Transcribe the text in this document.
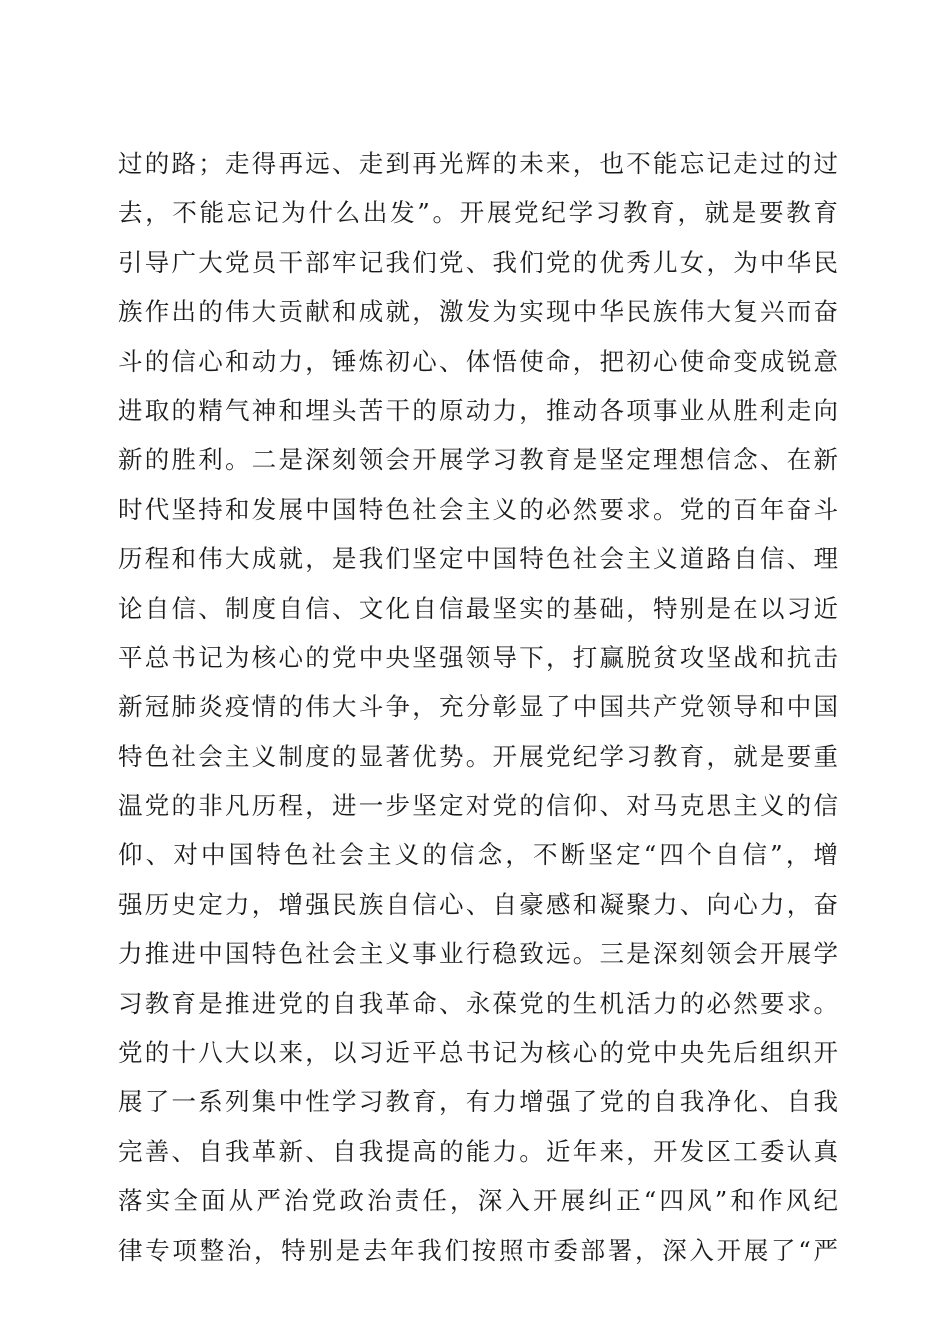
过的路；走得再远、走到再光辉的未来，也不能忘记走过的过
去，不能忘记为什么出发”。开展党纪学习教育，就是要教育
引导广大党员干部牢记我们党、我们党的优秀儿女，为中华民
族作出的伟大贡献和成就，激发为实现中华民族伟大复兴而奋
斗的信心和动力，锤炼初心、体悟使命，把初心使命变成锐意
进取的精气神和埋头苦干的原动力，推动各项事业从胜利走向
新的胜利。二是深刻领会开展学习教育是坚定理想信念、在新
时代坚持和发展中国特色社会主义的必然要求。党的百年奋斗
历程和伟大成就，是我们坚定中国特色社会主义道路自信、理
论自信、制度自信、文化自信最坚实的基础，特别是在以习近
平总书记为核心的党中央坚强领导下，打赢脱贫攻坚战和抗击
新冠肺炎疫情的伟大斗争，充分彰显了中国共产党领导和中国
特色社会主义制度的显著优势。开展党纪学习教育，就是要重
温党的非凡历程，进一步坚定对党的信仰、对马克思主义的信
仰、对中国特色社会主义的信念，不断坚定“四个自信”，增
强历史定力，增强民族自信心、自豪感和凝聚力、向心力，奋
力推进中国特色社会主义事业行稳致远。三是深刻领会开展学
习教育是推进党的自我革命、永葆党的生机活力的必然要求。
党的十八大以来，以习近平总书记为核心的党中央先后组织开
展了一系列集中性学习教育，有力增强了党的自我净化、自我
完善、自我革新、自我提高的能力。近年来，开发区工委认真
落实全面从严治党政治责任，深入开展纠正“四风”和作风纪
律专项整治，特别是去年我们按照市委部署，深入开展了“严
